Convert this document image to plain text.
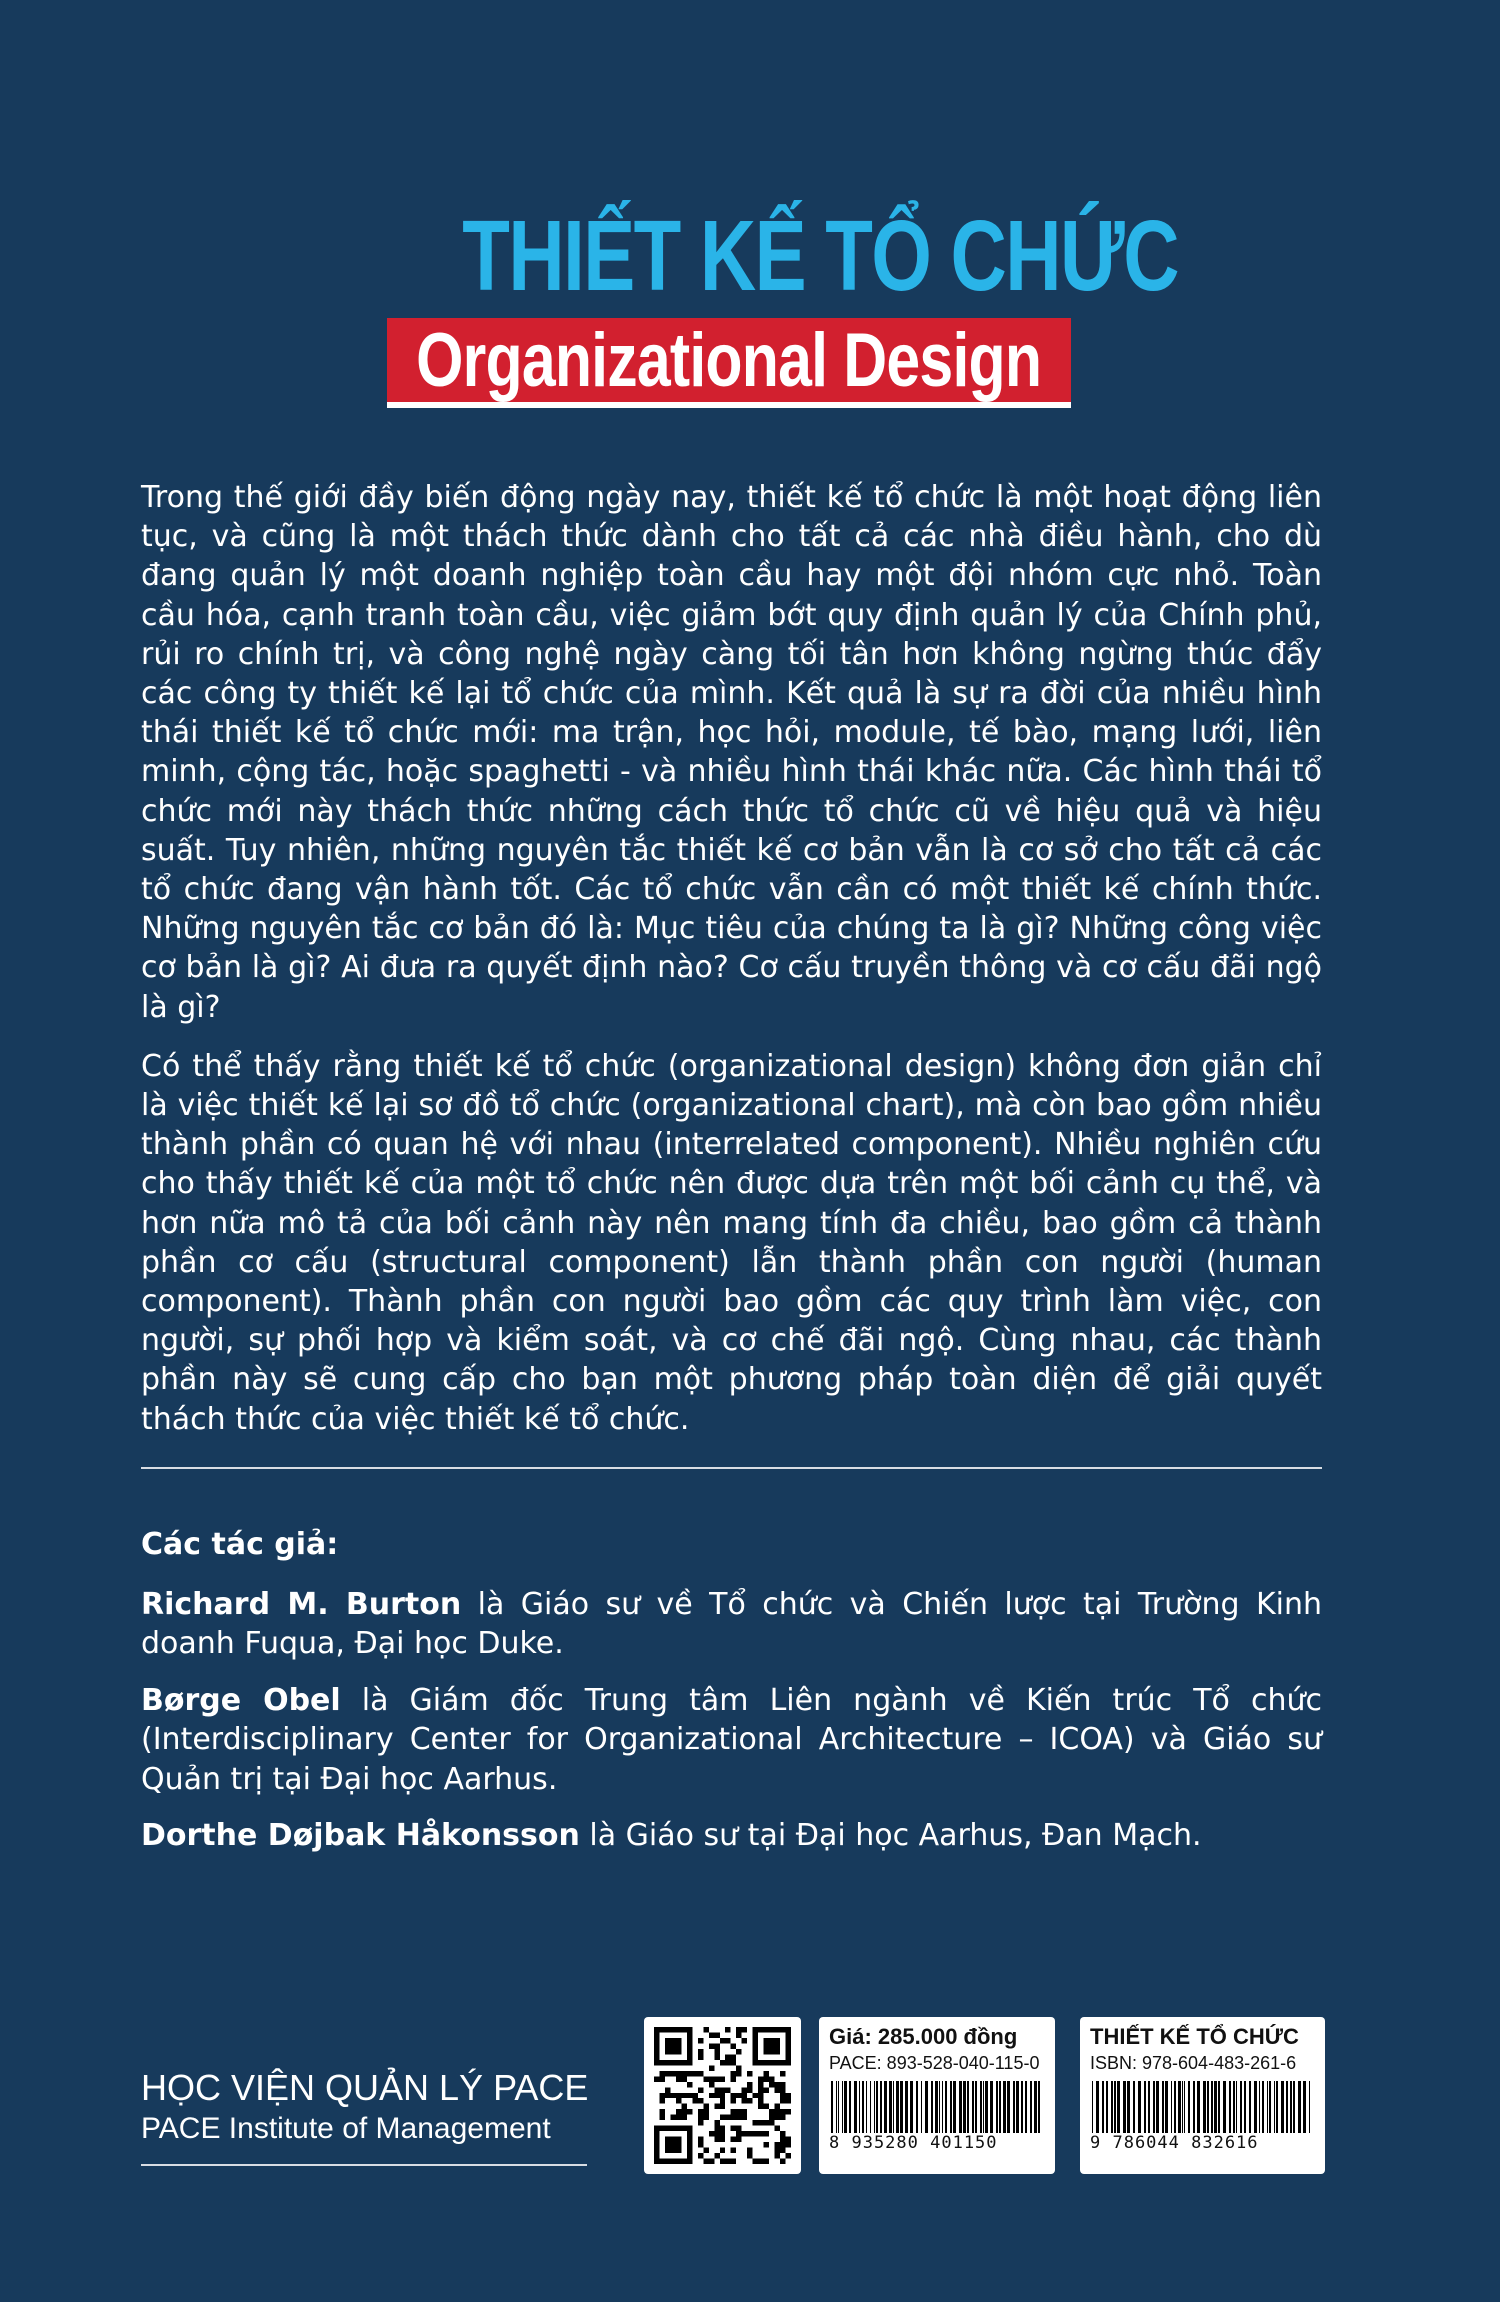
THIẾT KẾ TỔ CHỨC
Organizational Design

Trong thế giới đầy biến động ngày nay, thiết kế tổ chức là một hoạt động liên tục, và cũng là một thách thức dành cho tất cả các nhà điều hành, cho dù đang quản lý một doanh nghiệp toàn cầu hay một đội nhóm cực nhỏ. Toàn cầu hóa, cạnh tranh toàn cầu, việc giảm bớt quy định quản lý của Chính phủ, rủi ro chính trị, và công nghệ ngày càng tối tân hơn không ngừng thúc đẩy các công ty thiết kế lại tổ chức của mình. Kết quả là sự ra đời của nhiều hình thái thiết kế tổ chức mới: ma trận, học hỏi, module, tế bào, mạng lưới, liên minh, cộng tác, hoặc spaghetti - và nhiều hình thái khác nữa. Các hình thái tổ chức mới này thách thức những cách thức tổ chức cũ về hiệu quả và hiệu suất. Tuy nhiên, những nguyên tắc thiết kế cơ bản vẫn là cơ sở cho tất cả các tổ chức đang vận hành tốt. Các tổ chức vẫn cần có một thiết kế chính thức. Những nguyên tắc cơ bản đó là: Mục tiêu của chúng ta là gì? Những công việc cơ bản là gì? Ai đưa ra quyết định nào? Cơ cấu truyền thông và cơ cấu đãi ngộ là gì?

Có thể thấy rằng thiết kế tổ chức (organizational design) không đơn giản chỉ là việc thiết kế lại sơ đồ tổ chức (organizational chart), mà còn bao gồm nhiều thành phần có quan hệ với nhau (interrelated component). Nhiều nghiên cứu cho thấy thiết kế của một tổ chức nên được dựa trên một bối cảnh cụ thể, và hơn nữa mô tả của bối cảnh này nên mang tính đa chiều, bao gồm cả thành phần cơ cấu (structural component) lẫn thành phần con người (human component). Thành phần con người bao gồm các quy trình làm việc, con người, sự phối hợp và kiểm soát, và cơ chế đãi ngộ. Cùng nhau, các thành phần này sẽ cung cấp cho bạn một phương pháp toàn diện để giải quyết thách thức của việc thiết kế tổ chức.

Các tác giả:

Richard M. Burton là Giáo sư về Tổ chức và Chiến lược tại Trường Kinh doanh Fuqua, Đại học Duke.

Børge Obel là Giám đốc Trung tâm Liên ngành về Kiến trúc Tổ chức (Interdisciplinary Center for Organizational Architecture – ICOA) và Giáo sư Quản trị tại Đại học Aarhus.

Dorthe Døjbak Håkonsson là Giáo sư tại Đại học Aarhus, Đan Mạch.

HỌC VIỆN QUẢN LÝ PACE
PACE Institute of Management
Giá: 285.000 đồng
PACE: 893-528-040-115-0
8 935280 401150
THIẾT KẾ TỔ CHỨC
ISBN: 978-604-483-261-6
9 786044 832616
